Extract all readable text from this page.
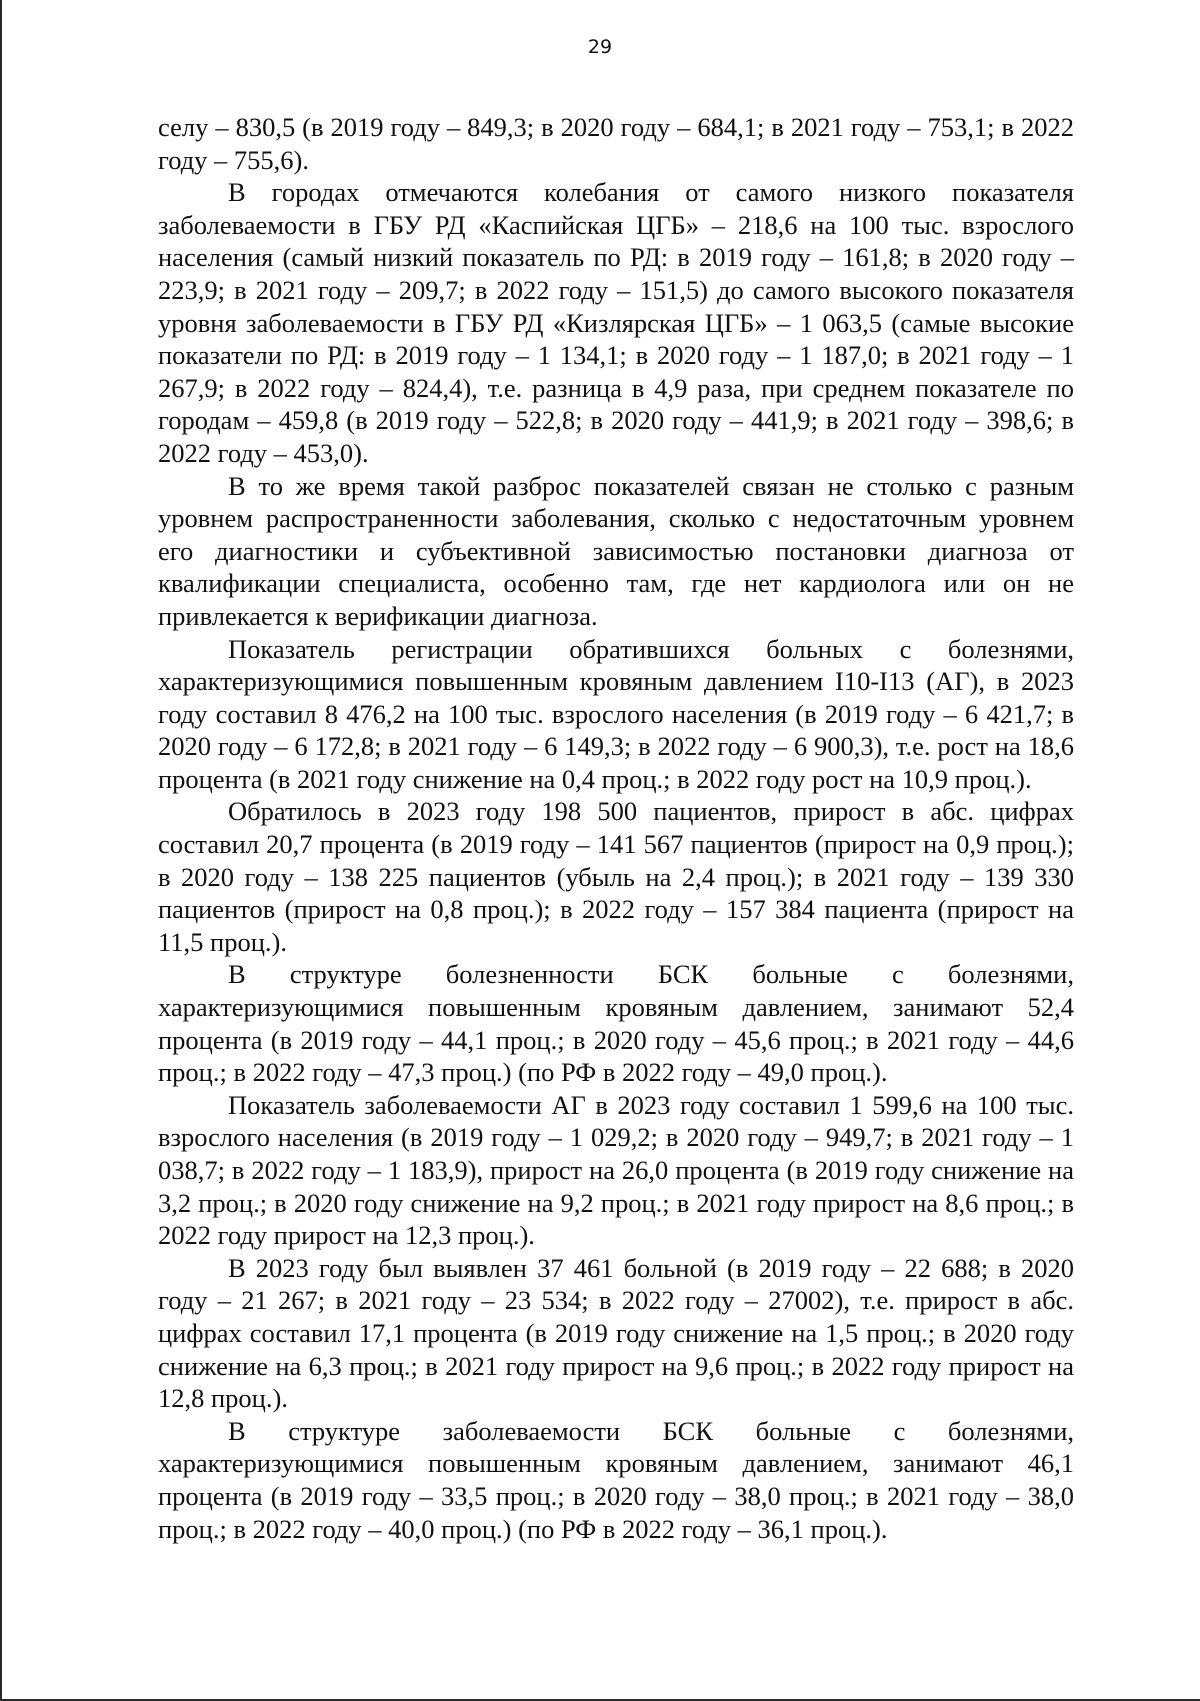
29

селу – 830,5 (в 2019 году – 849,3; в 2020 году – 684,1; в 2021 году – 753,1; в 2022 году – 755,6).

В городах отмечаются колебания от самого низкого показателя заболеваемости в ГБУ РД «Каспийская ЦГБ» – 218,6 на 100 тыс. взрослого населения (самый низкий показатель по РД: в 2019 году – 161,8; в 2020 году – 223,9; в 2021 году – 209,7; в 2022 году – 151,5) до самого высокого показателя уровня заболеваемости в ГБУ РД «Кизлярская ЦГБ» – 1 063,5 (самые высокие показатели по РД: в 2019 году – 1 134,1; в 2020 году – 1 187,0; в 2021 году – 1 267,9; в 2022 году – 824,4), т.е. разница в 4,9 раза, при среднем показателе по городам – 459,8 (в 2019 году – 522,8; в 2020 году – 441,9; в 2021 году – 398,6; в 2022 году – 453,0).

В то же время такой разброс показателей связан не столько с разным уровнем распространенности заболевания, сколько с недостаточным уровнем его диагностики и субъективной зависимостью постановки диагноза от квалификации специалиста, особенно там, где нет кардиолога или он не привлекается к верификации диагноза.

Показатель регистрации обратившихся больных с болезнями, характеризующимися повышенным кровяным давлением I10-I13 (АГ), в 2023 году составил 8 476,2 на 100 тыс. взрослого населения (в 2019 году – 6 421,7; в 2020 году – 6 172,8; в 2021 году – 6 149,3; в 2022 году – 6 900,3), т.е. рост на 18,6 процента (в 2021 году снижение на 0,4 проц.; в 2022 году рост на 10,9 проц.).

Обратилось в 2023 году 198 500 пациентов, прирост в абс. цифрах составил 20,7 процента (в 2019 году – 141 567 пациентов (прирост на 0,9 проц.); в 2020 году – 138 225 пациентов (убыль на 2,4 проц.); в 2021 году – 139 330 пациентов (прирост на 0,8 проц.); в 2022 году – 157 384 пациента (прирост на 11,5 проц.).

В структуре болезненности БСК больные с болезнями, характеризующимися повышенным кровяным давлением, занимают 52,4 процента (в 2019 году – 44,1 проц.; в 2020 году – 45,6 проц.; в 2021 году – 44,6 проц.; в 2022 году – 47,3 проц.) (по РФ в 2022 году – 49,0 проц.).

Показатель заболеваемости АГ в 2023 году составил 1 599,6 на 100 тыс. взрослого населения (в 2019 году – 1 029,2; в 2020 году – 949,7; в 2021 году – 1 038,7; в 2022 году – 1 183,9), прирост на 26,0 процента (в 2019 году снижение на 3,2 проц.; в 2020 году снижение на 9,2 проц.; в 2021 году прирост на 8,6 проц.; в 2022 году прирост на 12,3 проц.).

В 2023 году был выявлен 37 461 больной (в 2019 году – 22 688; в 2020 году – 21 267; в 2021 году – 23 534; в 2022 году – 27002), т.е. прирост в абс. цифрах составил 17,1 процента (в 2019 году снижение на 1,5 проц.; в 2020 году снижение на 6,3 проц.; в 2021 году прирост на 9,6 проц.; в 2022 году прирост на 12,8 проц.).

В структуре заболеваемости БСК больные с болезнями, характеризующимися повышенным кровяным давлением, занимают 46,1 процента (в 2019 году – 33,5 проц.; в 2020 году – 38,0 проц.; в 2021 году – 38,0 проц.; в 2022 году – 40,0 проц.) (по РФ в 2022 году – 36,1 проц.).
